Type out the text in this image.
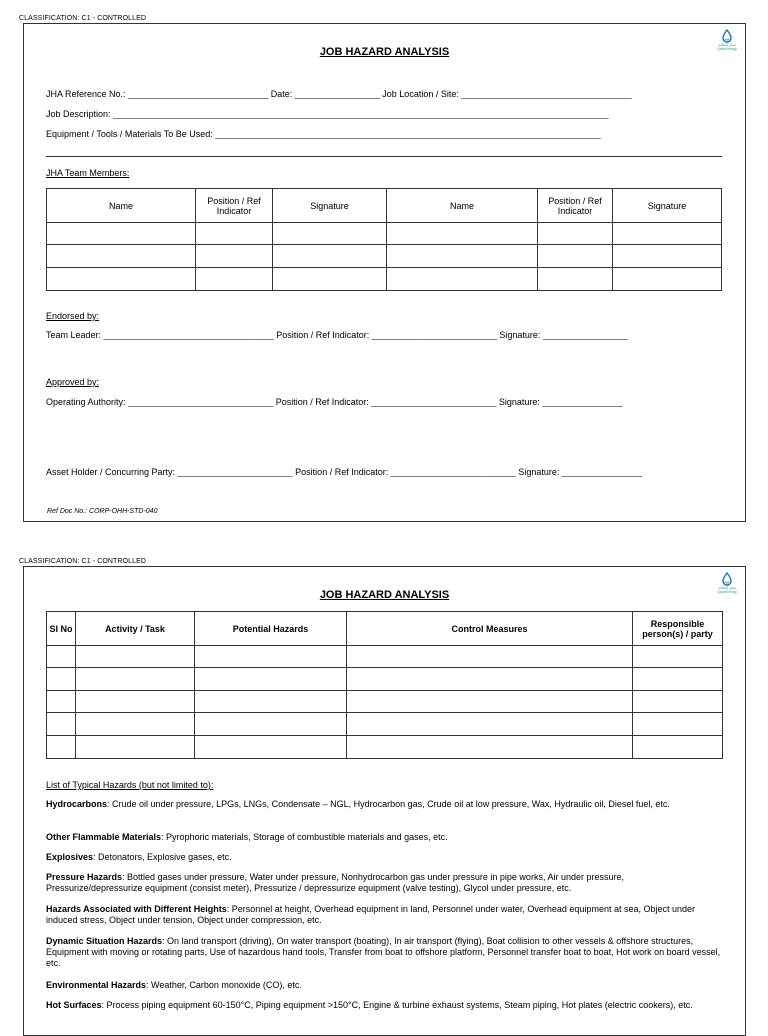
CLASSIFICATION: C1 - CONTROLLED
JOB HAZARD ANALYSIS
قطر للطاقة QatarEnergy
JHA Reference No.: ____________________________ Date: _________________ Job Location / Site: __________________________________
Job Description: ___________________________________________________________________________________________________
Equipment / Tools / Materials To Be Used: _____________________________________________________________________________
JHA Team Members:
Name	Position / Ref Indicator	Signature	Name	Position / Ref Indicator	Signature

Endorsed by:
Team Leader: __________________________________ Position / Ref Indicator: _________________________ Signature: _________________
Approved by:
Operating Authority: _____________________________ Position / Ref Indicator: _________________________ Signature: ________________
Asset Holder / Concurring Party: _______________________ Position / Ref Indicator: _________________________ Signature: ________________
Ref Doc No.: CORP-OHH-STD-040
CLASSIFICATION: C1 - CONTROLLED
JOB HAZARD ANALYSIS
قطر للطاقة QatarEnergy
Sl No	Activity / Task	Potential Hazards	Control Measures	Responsible person(s) / party

List of Typical Hazards (but not limited to):
Hydrocarbons: Crude oil under pressure, LPGs, LNGs, Condensate – NGL, Hydrocarbon gas, Crude oil at low pressure, Wax, Hydraulic oil, Diesel fuel, etc.
Other Flammable Materials: Pyrophoric materials, Storage of combustible materials and gases, etc.
Explosives: Detonators, Explosive gases, etc.
Pressure Hazards: Bottled gases under pressure, Water under pressure, Nonhydrocarbon gas under pressure in pipe works, Air under pressure, Pressurize/depressurize equipment (consist meter), Pressurize / depressurize equipment (valve testing), Glycol under pressure, etc.
Hazards Associated with Different Heights: Personnel at height, Overhead equipment in land, Personnel under water, Overhead equipment at sea, Object under induced stress, Object under tension, Object under compression, etc.
Dynamic Situation Hazards: On land transport (driving), On water transport (boating), In air transport (flying), Boat collision to other vessels & offshore structures, Equipment with moving or rotating parts, Use of hazardous hand tools, Transfer from boat to offshore platform, Personnel transfer boat to boat, Hot work on board vessel, etc.
Environmental Hazards: Weather, Carbon monoxide (CO), etc.
Hot Surfaces: Process piping equipment 60-150°C, Piping equipment >150°C, Engine & turbine exhaust systems, Steam piping, Hot plates (electric cookers), etc.
